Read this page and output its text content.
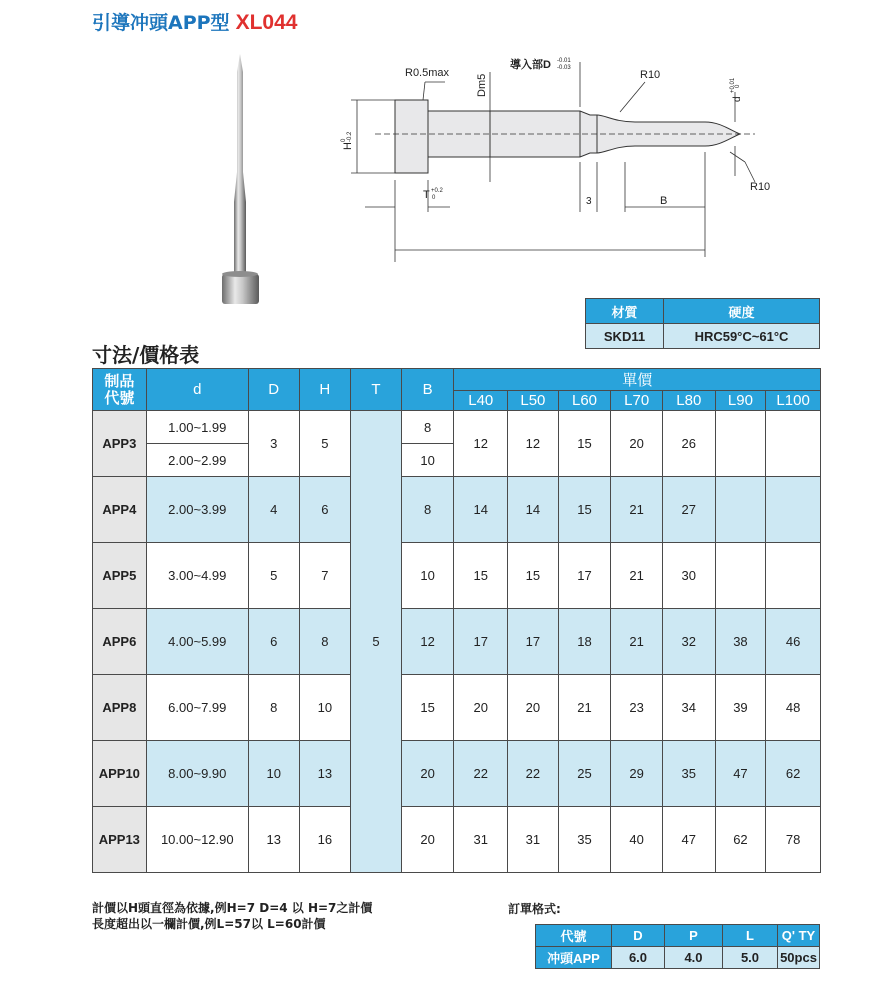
引導冲頭APP型 XL044
R0.5max
Dm5
導入部D -0.01
-0.03
R10
R10
d
+0.01 0
H
0 -0.2
T +0.2
0	3	B
材質	硬度
SKD11	HRC59°C~61°C
寸法/價格表
制品
代號	d	D	H	T	B	單價						
						L40	L50	L60	L70	L80	L90	L100
APP3	1.00~1.99	3	5	5	8	12	12	15	20	26		
	2.00~2.99				10							
APP4	2.00~3.99	4	6		8	14	14	15	21	27		

APP5	3.00~4.99	5	7		10	15	15	17	21	30		

APP6	4.00~5.99	6	8		12	17	17	18	21	32	38	46

APP8	6.00~7.99	8	10		15	20	20	21	23	34	39	48

APP10	8.00~9.90	10	13		20	22	22	25	29	35	47	62

APP13	10.00~12.90	13	16		20	31	31	35	40	47	62	78

計價以H頭直徑為依據,例H=7 D=4 以 H=7之計價
長度超出以一欄計價,例L=57以 L=60計價
訂單格式:
代號	D	P	L	Q' TY
冲頭APP	6.0	4.0	5.0	50pcs
